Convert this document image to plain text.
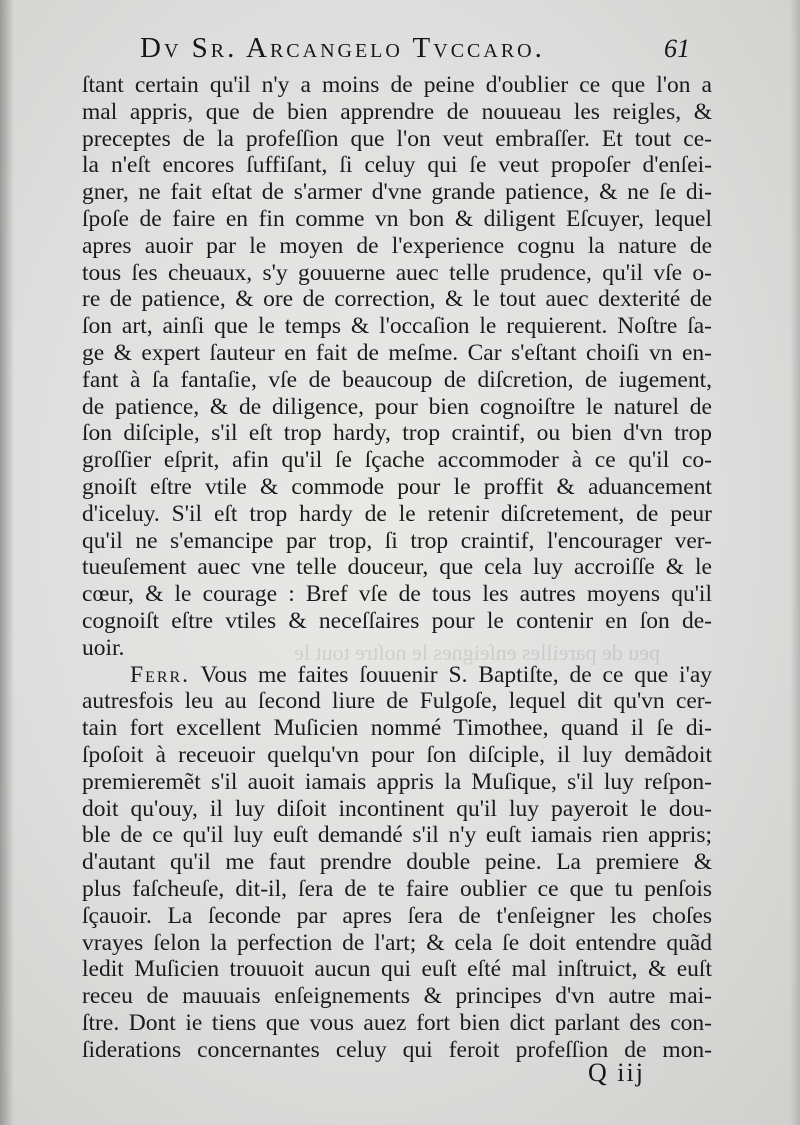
Dv Sr. Arcangelo Tvccaro.	61
peu de pareilles enſeignes le noſtre tout le
ſtant certain qu'il n'y a moins de peine d'oublier ce que l'on a
mal appris, que de bien apprendre de nouueau les reigles, &
preceptes de la profeſſion que l'on veut embraſſer. Et tout ce-
la n'eſt encores ſuffiſant, ſi celuy qui ſe veut propoſer d'enſei-
gner, ne fait eſtat de s'armer d'vne grande patience, & ne ſe di-
ſpoſe de faire en fin comme vn bon & diligent Eſcuyer, lequel
apres auoir par le moyen de l'experience cognu la nature de
tous ſes cheuaux, s'y gouuerne auec telle prudence, qu'il vſe o-
re de patience, & ore de correction, & le tout auec dexterité de
ſon art, ainſi que le temps & l'occaſion le requierent. Noſtre ſa-
ge & expert ſauteur en fait de meſme. Car s'eſtant choiſi vn en-
fant à ſa fantaſie, vſe de beaucoup de diſcretion, de iugement,
de patience, & de diligence, pour bien cognoiſtre le naturel de
ſon diſciple, s'il eſt trop hardy, trop craintif, ou bien d'vn trop
groſſier eſprit, afin qu'il ſe ſçache accommoder à ce qu'il co-
gnoiſt eſtre vtile & commode pour le proffit & aduancement
d'iceluy. S'il eſt trop hardy de le retenir diſcretement, de peur
qu'il ne s'emancipe par trop, ſi trop craintif, l'encourager ver-
tueuſement auec vne telle douceur, que cela luy accroiſſe & le
cœur, & le courage : Bref vſe de tous les autres moyens qu'il
cognoiſt eſtre vtiles & neceſſaires pour le contenir en ſon de-
uoir.
Ferr. Vous me faites ſouuenir S. Baptiſte, de ce que i'ay
autresfois leu au ſecond liure de Fulgoſe, lequel dit qu'vn cer-
tain fort excellent Muſicien nommé Timothee, quand il ſe di-
ſpoſoit à receuoir quelqu'vn pour ſon diſciple, il luy demãdoit
premieremẽt s'il auoit iamais appris la Muſique, s'il luy reſpon-
doit qu'ouy, il luy diſoit incontinent qu'il luy payeroit le dou-
ble de ce qu'il luy euſt demandé s'il n'y euſt iamais rien appris;
d'autant qu'il me faut prendre double peine. La premiere &
plus faſcheuſe, dit-il, ſera de te faire oublier ce que tu penſois
ſçauoir. La ſeconde par apres ſera de t'enſeigner les choſes
vrayes ſelon la perfection de l'art; & cela ſe doit entendre quãd
ledit Muſicien trouuoit aucun qui euſt eſté mal inſtruict, & euſt
receu de mauuais enſeignements & principes d'vn autre mai-
ſtre. Dont ie tiens que vous auez fort bien dict parlant des con-
ſiderations concernantes celuy qui feroit profeſſion de mon-
Q iij
